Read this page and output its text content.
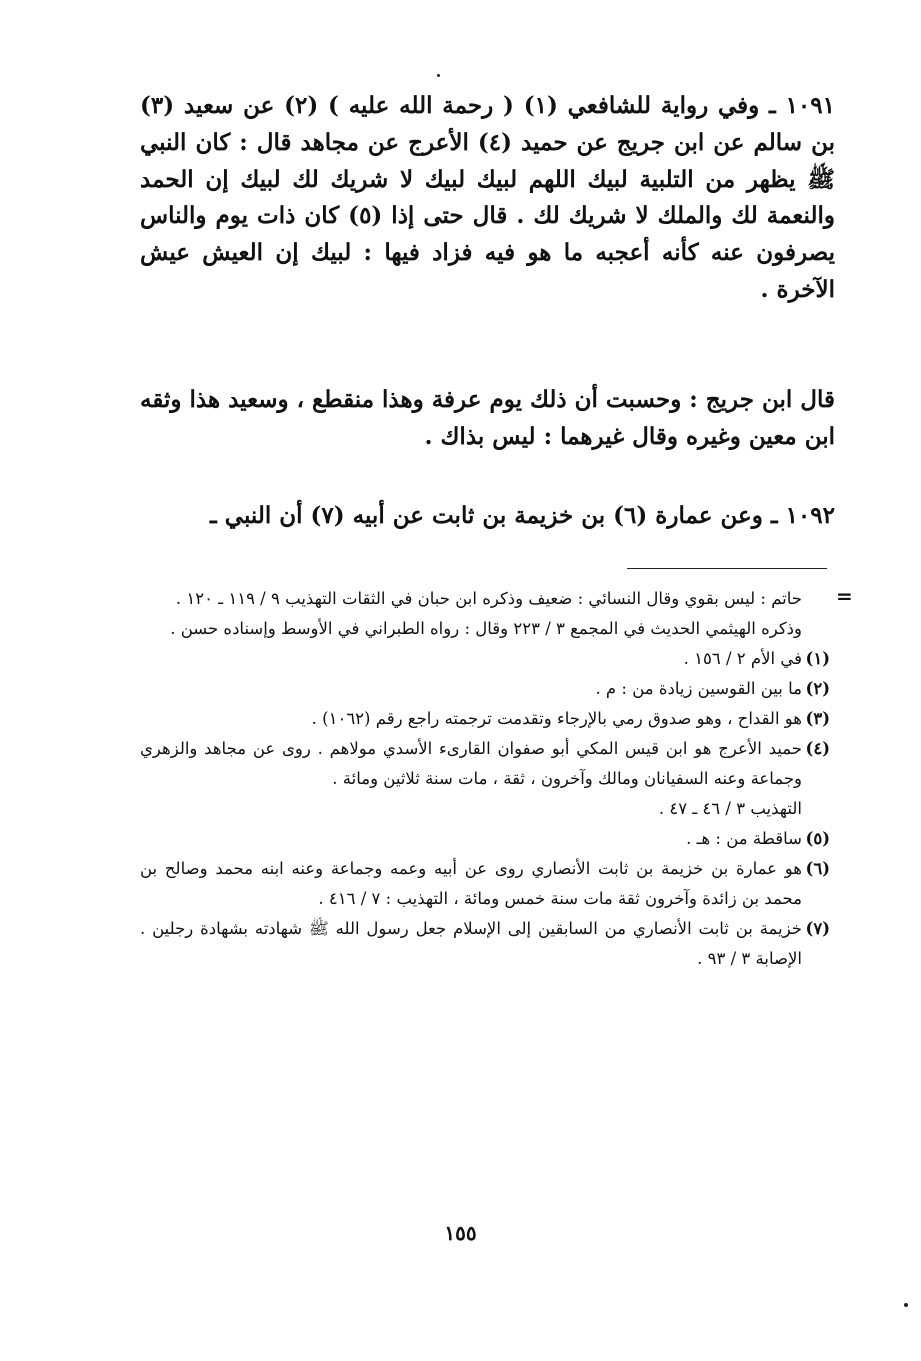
١٠٩١ ـ وفي رواية للشافعي (١) ( رحمة الله عليه ) (٢) عن سعيد (٣) بن سالم عن ابن جريج عن حميد (٤) الأعرج عن مجاهد قال : كان النبي ﷺ يظهر من التلبية لبيك اللهم لبيك لبيك لا شريك لك لبيك إن الحمد والنعمة لك والملك لا شريك لك . قال حتى إذا (٥) كان ذات يوم والناس يصرفون عنه كأنه أعجبه ما هو فيه فزاد فيها : لبيك إن العيش عيش الآخرة .

قال ابن جريج : وحسبت أن ذلك يوم عرفة وهذا منقطع ، وسعيد هذا وثقه ابن معين وغيره وقال غيرهما : ليس بذاك .

١٠٩٢ ـ وعن عمارة (٦) بن خزيمة بن ثابت عن أبيه (٧) أن النبي ـ

=

حاتم : ليس بقوي وقال النسائي : ضعيف وذكره ابن حبان في الثقات التهذيب ٩ / ١١٩ ـ ١٢٠ .

وذكره الهيثمي الحديث في المجمع ٣ / ٢٢٣ وقال : رواه الطبراني في الأوسط وإسناده حسن .

(١)
في الأم ٢ / ١٥٦ .

(٢)
ما بين القوسين زيادة من : م .

(٣)
هو القداح ، وهو صدوق رمي بالإرجاء وتقدمت ترجمته راجع رقم (١٠٦٢) .

(٤)
حميد الأعرج هو ابن قيس المكي أبو صفوان القارىء الأسدي مولاهم . روى عن مجاهد والزهري وجماعة وعنه السفيانان ومالك وآخرون ، ثقة ، مات سنة ثلاثين ومائة .
التهذيب ٣ / ٤٦ ـ ٤٧ .

(٥)
ساقطة من : هـ .

(٦)
هو عمارة بن خزيمة بن ثابت الأنصاري روى عن أبيه وعمه وجماعة وعنه ابنه محمد وصالح بن محمد بن زائدة وآخرون ثقة مات سنة خمس ومائة ، التهذيب : ٧ / ٤١٦ .

(٧)
خزيمة بن ثابت الأنصاري من السابقين إلى الإسلام جعل رسول الله ﷺ شهادته بشهادة رجلين . الإصابة ٣ / ٩٣ .

١٥٥
